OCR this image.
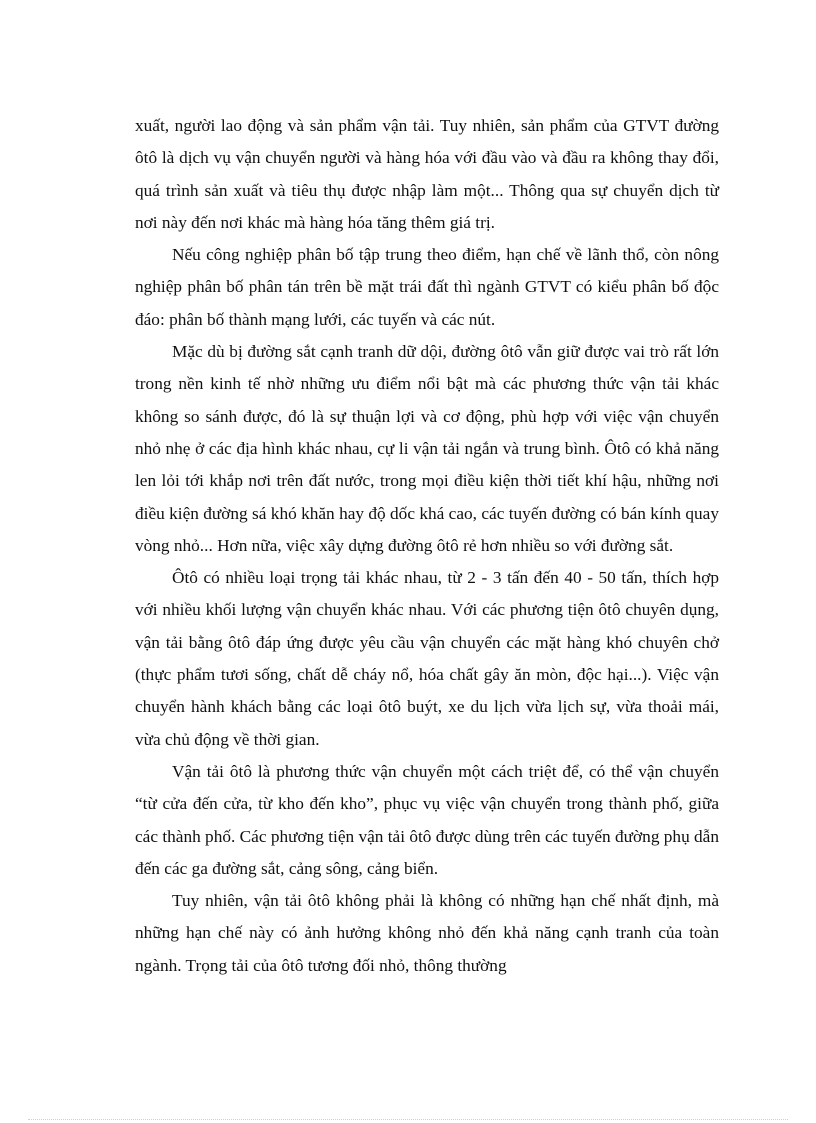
xuất, người lao động và sản phẩm vận tải. Tuy nhiên, sản phẩm của GTVT đường ôtô là dịch vụ vận chuyển người và hàng hóa với đầu vào và đầu ra không thay đổi, quá trình sản xuất và tiêu thụ được nhập làm một... Thông qua sự chuyển dịch từ nơi này đến nơi khác mà hàng hóa tăng thêm giá trị.

Nếu công nghiệp phân bố tập trung theo điểm, hạn chế về lãnh thổ, còn nông nghiệp phân bố phân tán trên bề mặt trái đất thì ngành GTVT có kiểu phân bố độc đáo: phân bố thành mạng lưới, các tuyến và các nút.

Mặc dù bị đường sắt cạnh tranh dữ dội, đường ôtô vẫn giữ được vai trò rất lớn trong nền kinh tế nhờ những ưu điểm nổi bật mà các phương thức vận tải khác không so sánh được, đó là sự thuận lợi và cơ động, phù hợp với việc vận chuyển nhỏ nhẹ ở các địa hình khác nhau, cự li vận tải ngắn và trung bình. Ôtô có khả năng len lỏi tới khắp nơi trên đất nước, trong mọi điều kiện thời tiết khí hậu, những nơi điều kiện đường sá khó khăn hay độ dốc khá cao, các tuyến đường có bán kính quay vòng nhỏ... Hơn nữa, việc xây dựng đường ôtô rẻ hơn nhiều so với đường sắt.

Ôtô có nhiều loại trọng tải khác nhau, từ 2 - 3 tấn đến 40 - 50 tấn, thích hợp với nhiều khối lượng vận chuyển khác nhau. Với các phương tiện ôtô chuyên dụng, vận tải bằng ôtô đáp ứng được yêu cầu vận chuyển các mặt hàng khó chuyên chở (thực phẩm tươi sống, chất dễ cháy nổ, hóa chất gây ăn mòn, độc hại...). Việc vận chuyển hành khách bằng các loại ôtô buýt, xe du lịch vừa lịch sự, vừa thoải mái, vừa chủ động về thời gian.

Vận tải ôtô là phương thức vận chuyển một cách triệt để, có thể vận chuyển “từ cửa đến cửa, từ kho đến kho”, phục vụ việc vận chuyển trong thành phố, giữa các thành phố. Các phương tiện vận tải ôtô được dùng trên các tuyến đường phụ dẫn đến các ga đường sắt, cảng sông, cảng biển.

Tuy nhiên, vận tải ôtô không phải là không có những hạn chế nhất định, mà những hạn chế này có ảnh hưởng không nhỏ đến khả năng cạnh tranh của toàn ngành. Trọng tải của ôtô tương đối nhỏ, thông thường
